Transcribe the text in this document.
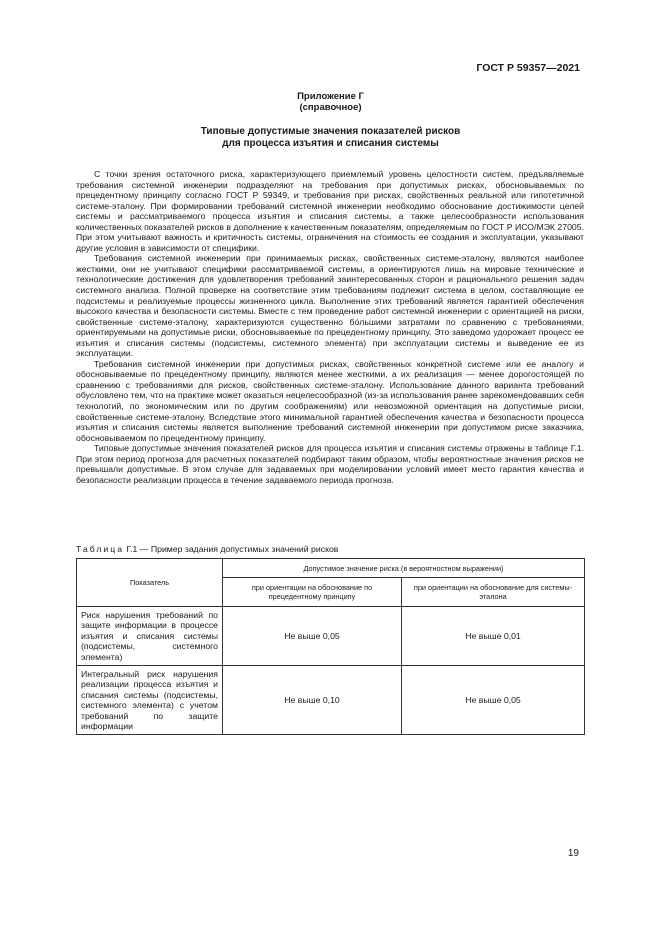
ГОСТ Р 59357—2021
Приложение Г
(справочное)
Типовые допустимые значения показателей рисков
для процесса изъятия и списания системы

С точки зрения остаточного риска, характеризующего приемлемый уровень целостности систем, предъявляемые требования системной инженерии подразделяют на требования при допустимых рисках, обосновываемых по прецедентному принципу согласно ГОСТ Р 59349, и требования при рисках, свойственных реальной или гипотетичной системе-эталону. При формировании требований системной инженерии необходимо обоснование достижимости целей системы и рассматриваемого процесса изъятия и списания системы, а также целесообразности использования количественных показателей рисков в дополнение к качественным показателям, определяемым по ГОСТ Р ИСО/МЭК 27005. При этом учитывают важность и критичность системы, ограничения на стоимость ее создания и эксплуатации, указывают другие условия в зависимости от специфики.

Требования системной инженерии при принимаемых рисках, свойственных системе-эталону, являются наиболее жесткими, они не учитывают специфики рассматриваемой системы, а ориентируются лишь на мировые технические и технологические достижения для удовлетворения требований заинтересованных сторон и рационального решения задач системного анализа. Полной проверке на соответствие этим требованиям подлежит система в целом, составляющие ее подсистемы и реализуемые процессы жизненного цикла. Выполнение этих требований является гарантией обеспечения высокого качества и безопасности системы. Вместе с тем проведение работ системной инженерии с ориентацией на риски, свойственные системе-эталону, характеризуются существенно бо́льшими затратами по сравнению с требованиями, ориентируемыми на допустимые риски, обосновываемые по прецедентному принципу. Это заведомо удорожает процесс ее изъятия и списания системы (подсистемы, системного элемента) при эксплуатации системы и выведение ее из эксплуатации.

Требования системной инженерии при допустимых рисках, свойственных конкретной системе или ее аналогу и обосновываемые по прецедентному принципу, являются менее жесткими, а их реализация — менее дорогостоящей по сравнению с требованиями для рисков, свойственных системе-эталону. Использование данного варианта требований обусловлено тем, что на практике может оказаться нецелесообразной (из-за использования ранее зарекомендовавших себя технологий, по экономическим или по другим соображениям) или невозможной ориентация на допустимые риски, свойственные системе-эталону. Вследствие этого минимальной гарантией обеспечения качества и безопасности процесса изъятия и списания системы является выполнение требований системной инженерии при допустимом риске заказчика, обосновываемом по прецедентному принципу.

Типовые допустимые значения показателей рисков для процесса изъятия и списания системы отражены в таблице Г.1. При этом период прогноза для расчетных показателей подбирают таким образом, чтобы вероятностные значения рисков не превышали допустимые. В этом случае для задаваемых при моделировании условий имеет место гарантия качества и безопасности реализации процесса в течение задаваемого периода прогноза.

Таблица Г.1 — Пример задания допустимых значений рисков
Показатель	Допустимое значение риска (в вероятностном выражении)	
	при ориентации на обоснование по прецедентному принципу	при ориентации на обоснование для системы-эталона
Риск нарушения требований по защите информации в процессе изъятия и списания системы (подсистемы, системного элемента)	Не выше 0,05	Не выше 0,01
Интегральный риск нарушения реализации процесса изъятия и списания системы (подсистемы, системного элемента) с учетом требований по защите информации	Не выше 0,10	Не выше 0,05
19
